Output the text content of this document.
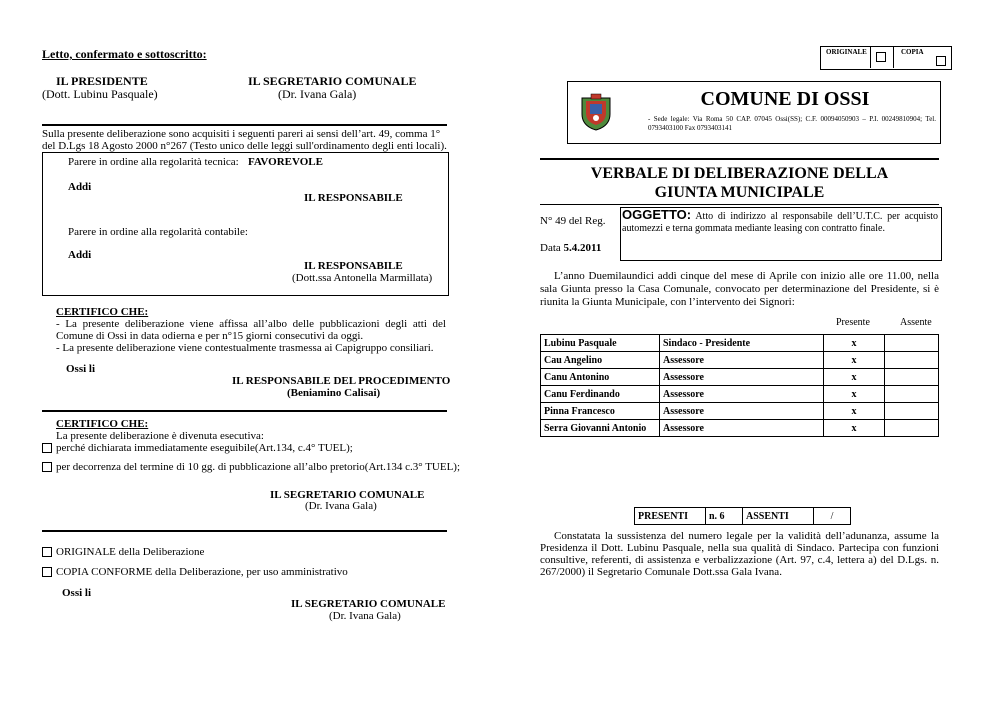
Letto, confermato e sottoscritto:
IL PRESIDENTE
(Dott. Lubinu Pasquale)
IL SEGRETARIO COMUNALE
(Dr. Ivana Gala)
Sulla presente deliberazione sono acquisiti i seguenti pareri ai sensi dell’art. 49, comma 1° del D.Lgs 18 Agosto 2000 n°267 (Testo unico delle leggi sull'ordinamento degli enti locali).
Parere in ordine alla regolarità tecnica: FAVOREVOLE
Addi
IL RESPONSABILE
Parere in ordine alla regolarità contabile:
Addi
IL RESPONSABILE
(Dott.ssa Antonella Marmillata)
CERTIFICO CHE:
- La presente deliberazione viene affissa all’albo delle pubblicazioni degli atti del Comune di Ossi in data odierna e per n°15 giorni consecutivi da oggi.
- La presente deliberazione viene contestualmente trasmessa ai Capigruppo consiliari.
Ossi li
IL RESPONSABILE DEL PROCEDIMENTO
(Beniamino Calisai)
CERTIFICO CHE:
La presente deliberazione è divenuta esecutiva:
perché dichiarata immediatamente eseguibile(Art.134, c.4° TUEL);
per decorrenza del termine di 10 gg. di pubblicazione all’albo pretorio(Art.134 c.3° TUEL);
IL SEGRETARIO COMUNALE
(Dr. Ivana Gala)
ORIGINALE della Deliberazione
COPIA CONFORME della Deliberazione, per uso amministrativo
Ossi li
IL SEGRETARIO COMUNALE
(Dr. Ivana Gala)
ORIGINALE	COPIA
COMUNE DI OSSI
- Sede legale: Via Roma 50 CAP. 07045 Ossi(SS); C.F. 00094050903 – P.I. 00249810904; Tel. 0793403100 Fax 0793403141
VERBALE DI DELIBERAZIONE DELLA
GIUNTA MUNICIPALE
N° 49 del Reg. OGGETTO: Atto di indirizzo al responsabile dell’U.T.C. per acquisto automezzi e terna gommata mediante leasing con contratto finale.
Data 5.4.2011
L’anno Duemilaundici addì cinque del mese di Aprile con inizio alle ore 11.00, nella sala Giunta presso la Casa Comunale, convocato per determinazione del Presidente, si è riunita la Giunta Municipale, con l’intervento dei Signori:
Presente	Assente
Lubinu Pasquale	Sindaco - Presidente	x	
Cau Angelino	Assessore	x	
Canu Antonino	Assessore	x	
Canu Ferdinando	Assessore	x	
Pinna Francesco	Assessore	x	
Serra Giovanni Antonio	Assessore	x	
PRESENTI	n. 6	ASSENTI	/
Constatata la sussistenza del numero legale per la validità dell’adunanza, assume la Presidenza il Dott. Lubinu Pasquale, nella sua qualità di Sindaco. Partecipa con funzioni consultive, referenti, di assistenza e verbalizzazione (Art. 97, c.4, lettera a) del D.Lgs. n. 267/2000) il Segretario Comunale Dott.ssa Gala Ivana.
